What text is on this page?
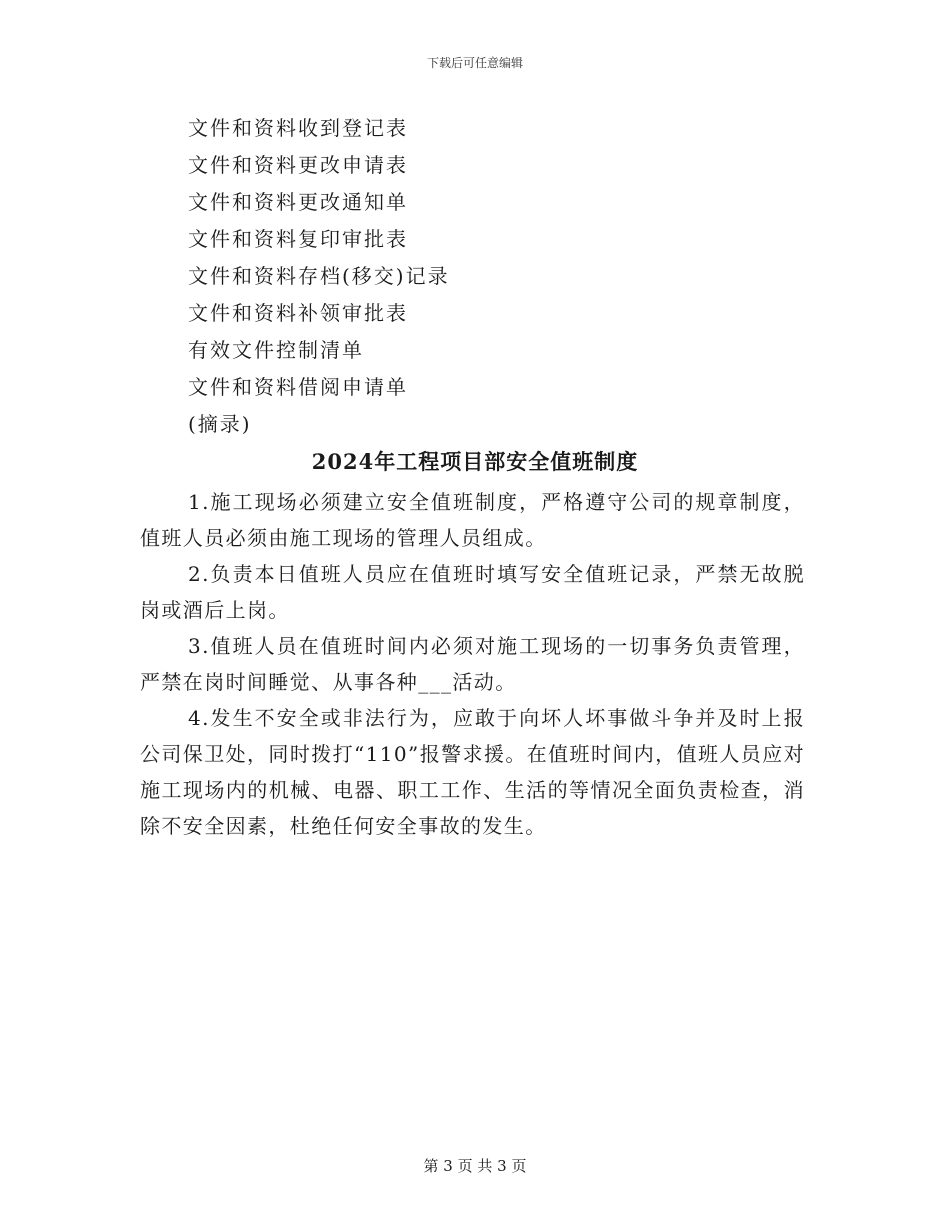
下载后可任意编辑
文件和资料收到登记表
文件和资料更改申请表
文件和资料更改通知单
文件和资料复印审批表
文件和资料存档(移交)记录
文件和资料补领审批表
有效文件控制清单
文件和资料借阅申请单
(摘录)
2024年工程项目部安全值班制度

1.施工现场必须建立安全值班制度，严格遵守公司的规章制度，值班人员必须由施工现场的管理人员组成。

2.负责本日值班人员应在值班时填写安全值班记录，严禁无故脱岗或酒后上岗。

3.值班人员在值班时间内必须对施工现场的一切事务负责管理，严禁在岗时间睡觉、从事各种___活动。

4.发生不安全或非法行为，应敢于向坏人坏事做斗争并及时上报公司保卫处，同时拨打“110”报警求援。在值班时间内，值班人员应对施工现场内的机械、电器、职工工作、生活的等情况全面负责检查，消除不安全因素，杜绝任何安全事故的发生。

第 3 页 共 3 页
